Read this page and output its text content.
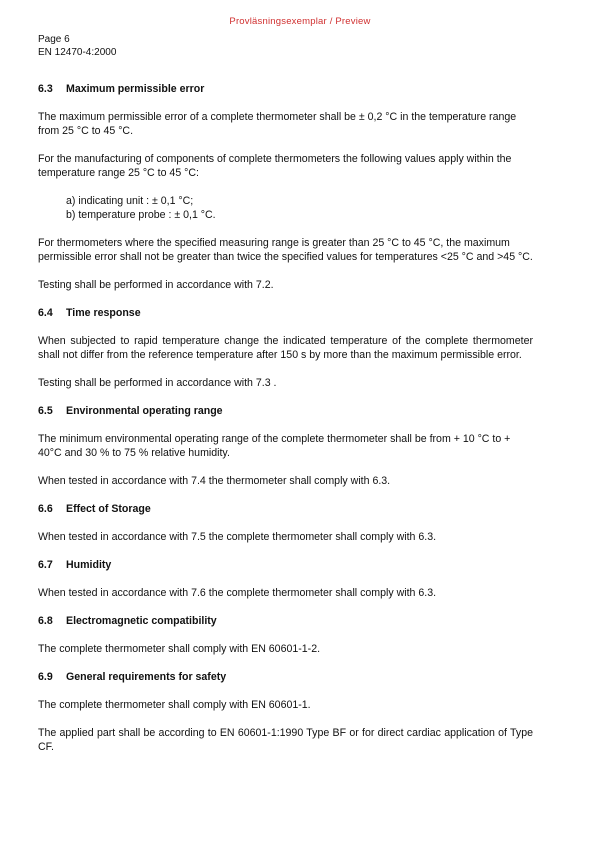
Provläsningsexemplar / Preview
Page 6
EN 12470-4:2000
6.3 Maximum permissible error

The maximum permissible error of a complete thermometer shall be ± 0,2 °C in the temperature range from 25 °C to 45 °C.

For the manufacturing of components of complete thermometers the following values apply within the temperature range 25 °C to 45 °C:

a) indicating unit : ± 0,1 °C;
b) temperature probe : ± 0,1 °C.

For thermometers where the specified measuring range is greater than 25 °C to 45 °C, the maximum permissible error shall not be greater than twice the specified values for temperatures <25 °C and >45 °C.

Testing shall be performed in accordance with 7.2.

6.4 Time response

When subjected to rapid temperature change the indicated temperature of the complete thermometer shall not differ from the reference temperature after 150 s by more than the maximum permissible error.

Testing shall be performed in accordance with 7.3 .

6.5 Environmental operating range

The minimum environmental operating range of the complete thermometer shall be from + 10 °C to + 40°C and 30 % to 75 % relative humidity.

When tested in accordance with 7.4 the thermometer shall comply with 6.3.

6.6 Effect of Storage

When tested in accordance with 7.5 the complete thermometer shall comply with 6.3.

6.7 Humidity

When tested in accordance with 7.6 the complete thermometer shall comply with 6.3.

6.8 Electromagnetic compatibility

The complete thermometer shall comply with EN 60601-1-2.

6.9 General requirements for safety

The complete thermometer shall comply with EN 60601-1.

The applied part shall be according to EN 60601-1:1990 Type BF or for direct cardiac application of Type CF.
